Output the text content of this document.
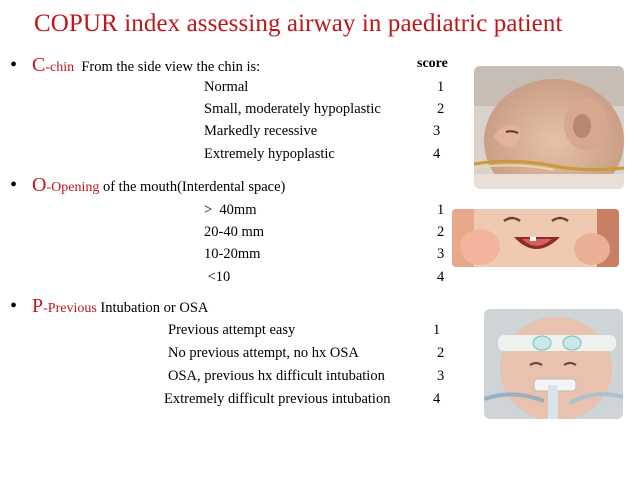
COPUR index assessing airway in paediatric patient
• C-chin  From the side view the chin is:	score
Normal	1
Small, moderately hypoplastic	2
Markedly recessive	3
Extremely hypoplastic	4
• O-Opening of the mouth(Interdental space)
>  40mm	1
20-40 mm	2
10-20mm	3
<10	4
• P-Previous Intubation or OSA
Previous attempt easy	1
No previous attempt, no hx OSA	2
OSA, previous hx difficult intubation	3
Extremely difficult previous intubation	4
